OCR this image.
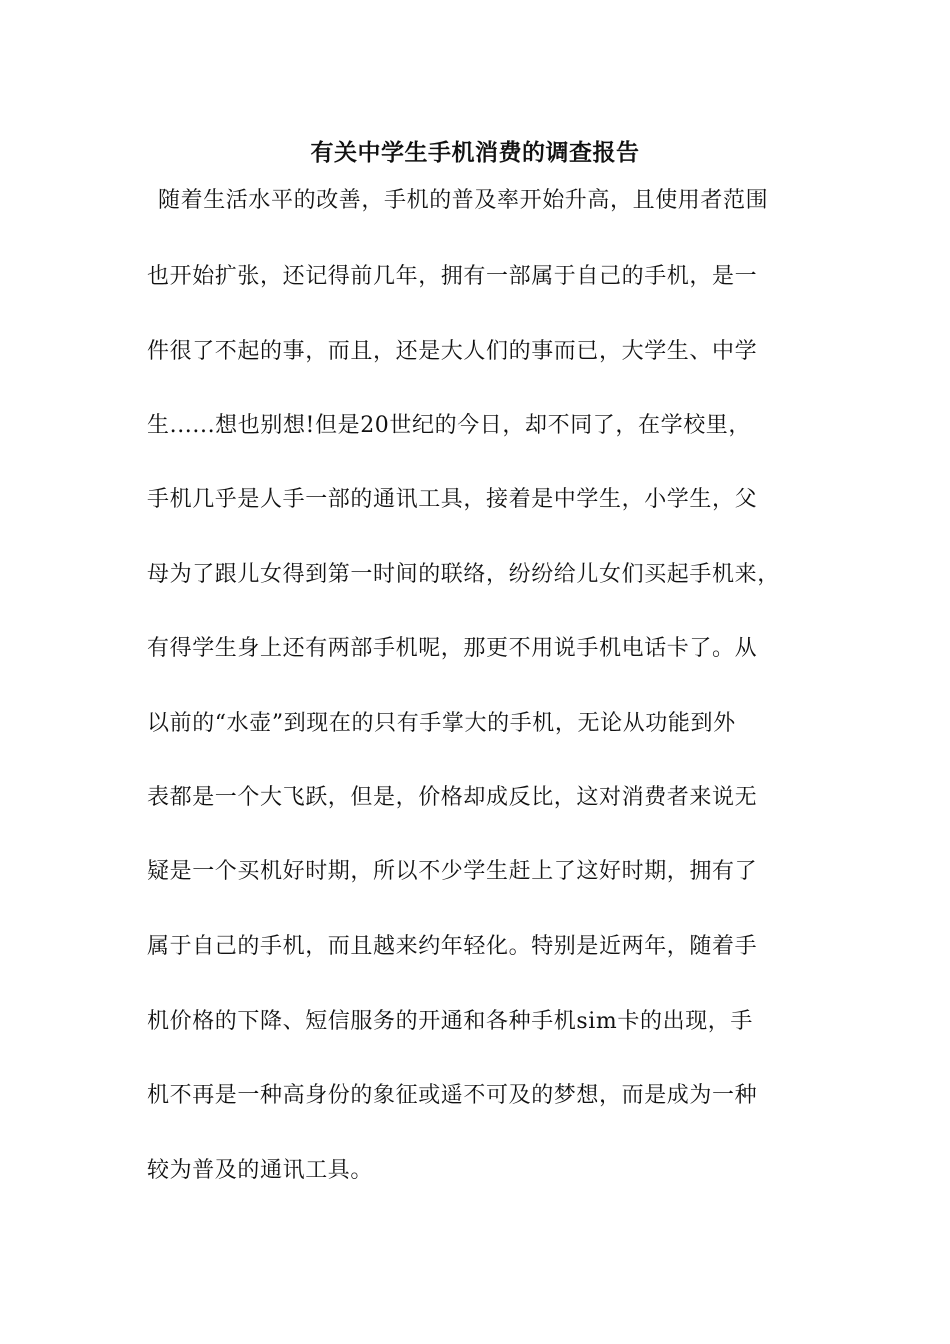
有关中学生手机消费的调查报告
随着生活水平的改善，手机的普及率开始升高，且使用者范围
也开始扩张，还记得前几年，拥有一部属于自己的手机，是一
件很了不起的事，而且，还是大人们的事而已，大学生、中学
生......想也别想!但是20世纪的今日，却不同了，在学校里，
手机几乎是人手一部的通讯工具，接着是中学生，小学生，父
母为了跟儿女得到第一时间的联络，纷纷给儿女们买起手机来，
有得学生身上还有两部手机呢，那更不用说手机电话卡了。从
以前的“水壶”到现在的只有手掌大的手机，无论从功能到外
表都是一个大飞跃，但是，价格却成反比，这对消费者来说无
疑是一个买机好时期，所以不少学生赶上了这好时期，拥有了
属于自己的手机，而且越来约年轻化。特别是近两年，随着手
机价格的下降、短信服务的开通和各种手机sim卡的出现，手
机不再是一种高身份的象征或遥不可及的梦想，而是成为一种
较为普及的通讯工具。
